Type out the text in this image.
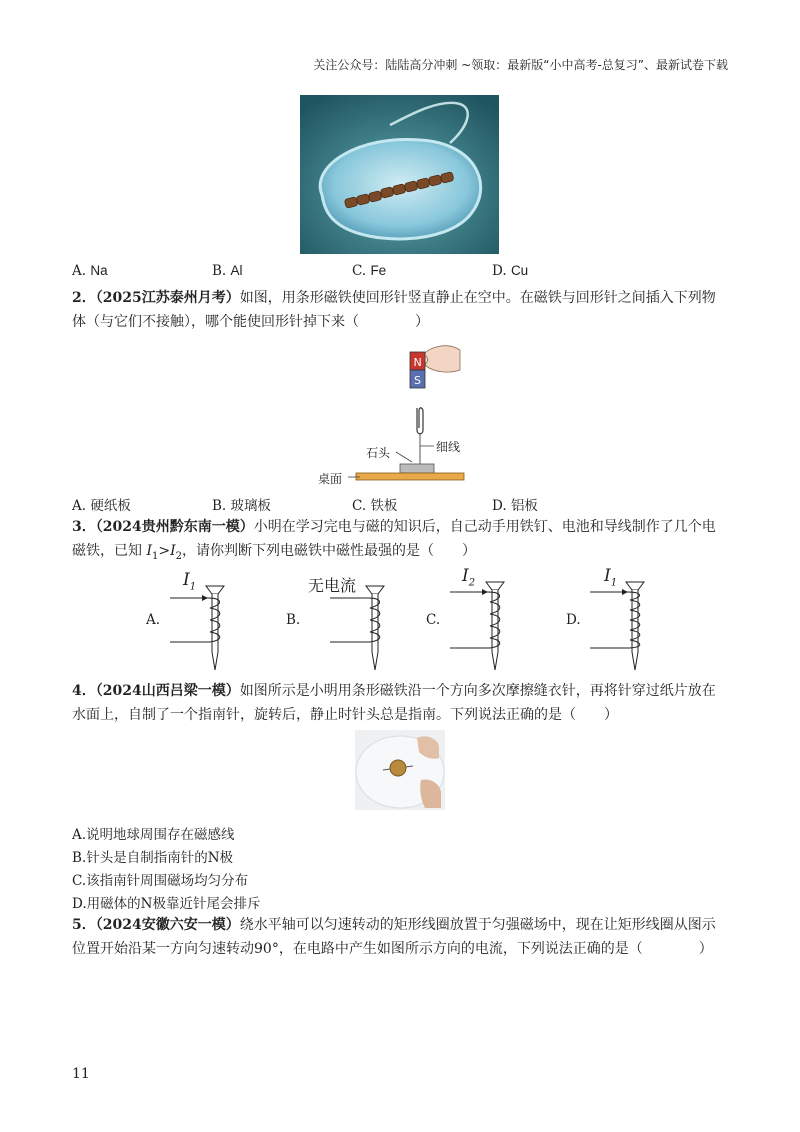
关注公众号：陆陆高分冲刺 ~领取：最新版“小中高考-总复习”、最新试卷下载
A. Na	B. Al	C. Fe	D. Cu
2．（2025江苏泰州月考）如图，用条形磁铁使回形针竖直静止在空中。在磁铁与回形针之间插入下列物
体（与它们不接触），哪个能使回形针掉下来（　　　　）
N
S
石头	细线
桌面
A. 硬纸板	B. 玻璃板	C. 铁板	D. 铝板
3．（2024贵州黔东南一模）小明在学习完电与磁的知识后，自己动手用铁钉、电池和导线制作了几个电
磁铁，已知 $I_1>I_2$，请你判断下列电磁铁中磁性最强的是（　　）
A.	B.	C.	D.
$I_1$	无电流	$I_2$	$I_1$
4．（2024山西吕梁一模）如图所示是小明用条形磁铁沿一个方向多次摩擦缝衣针，再将针穿过纸片放在
水面上，自制了一个指南针，旋转后，静止时针头总是指南。下列说法正确的是（　　）
A.说明地球周围存在磁感线
B.针头是自制指南针的N极
C.该指南针周围磁场均匀分布
D.用磁体的N极靠近针尾会排斥
5．（2024安徽六安一模）绕水平轴可以匀速转动的矩形线圈放置于匀强磁场中，现在让矩形线圈从图示
位置开始沿某一方向匀速转动90°，在电路中产生如图所示方向的电流，下列说法正确的是（　　　　）
11
